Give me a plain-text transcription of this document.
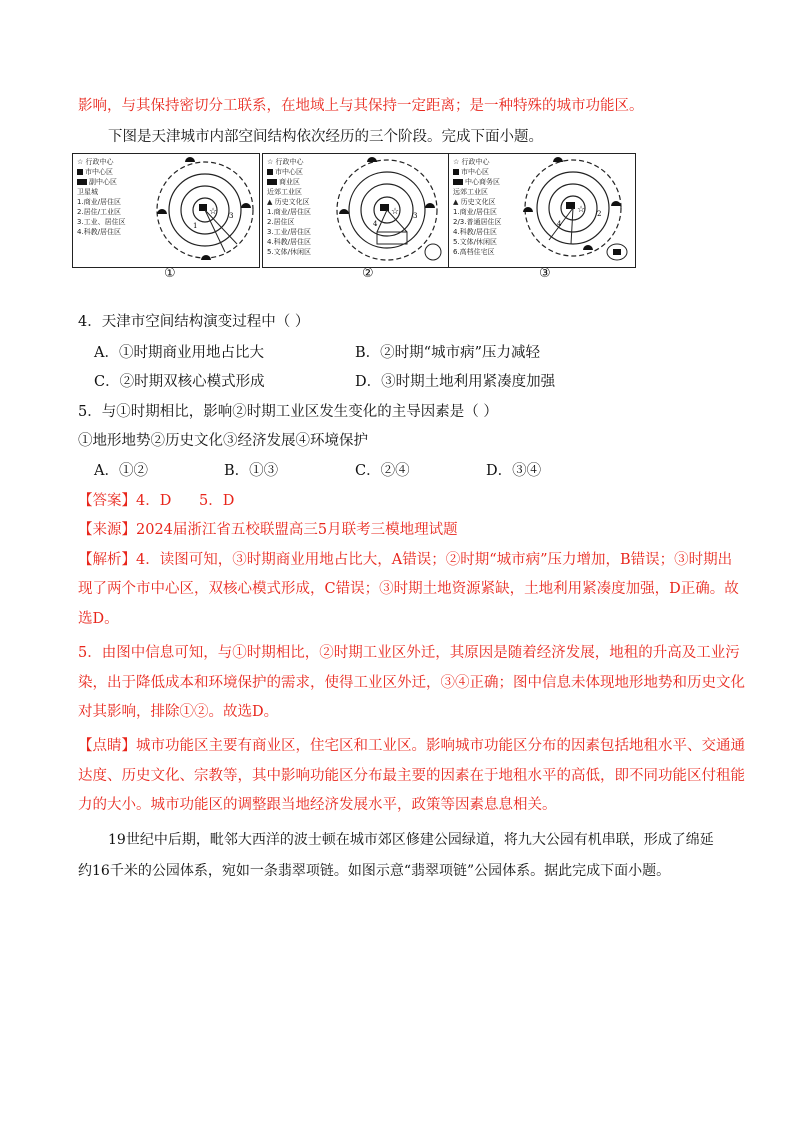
影响，与其保持密切分工联系，在地域上与其保持一定距离；是一种特殊的城市功能区。
下图是天津城市内部空间结构依次经历的三个阶段。完成下面小题。
☆ 行政中心
市中心区
副中心区
卫星城
1.商业/居住区
2.居住/工业区
3.工业、居住区
4.科教/居住区
☆
1
3
☆ 行政中心
市中心区
商业区
近郊工业区
▲ 历史文化区
1.商业/居住区
2.居住区
3.工业/居住区
4.科教/居住区
5.文体/休闲区
☆
4
3
☆ 行政中心
市中心区
中心商务区
远郊工业区
▲ 历史文化区
1.商业/居住区
2/3.普通居住区
4.科教/居住区
5.文体/休闲区
6.高档住宅区
☆
4
2
①	②	③
4．天津市空间结构演变过程中（ ）
A．①时期商业用地占比大	B．②时期“城市病”压力减轻
C．②时期双核心模式形成	D．③时期土地利用紧凑度加强
5．与①时期相比，影响②时期工业区发生变化的主导因素是（ ）
①地形地势②历史文化③经济发展④环境保护
A．①②	B．①③	C．②④	D．③④
【答案】4．D      5．D
【来源】2024届浙江省五校联盟高三5月联考三模地理试题
【解析】4．读图可知，③时期商业用地占比大，A错误；②时期“城市病”压力增加，B错误；③时期出
现了两个市中心区，双核心模式形成，C错误；③时期土地资源紧缺，土地利用紧凑度加强，D正确。故
选D。
5．由图中信息可知，与①时期相比，②时期工业区外迁，其原因是随着经济发展，地租的升高及工业污
染，出于降低成本和环境保护的需求，使得工业区外迁，③④正确；图中信息未体现地形地势和历史文化
对其影响，排除①②。故选D。
【点睛】城市功能区主要有商业区，住宅区和工业区。影响城市功能区分布的因素包括地租水平、交通通
达度、历史文化、宗教等，其中影响功能区分布最主要的因素在于地租水平的高低，即不同功能区付租能
力的大小。城市功能区的调整跟当地经济发展水平，政策等因素息息相关。
19世纪中后期，毗邻大西洋的波士顿在城市郊区修建公园绿道，将九大公园有机串联，形成了绵延
约16千米的公园体系，宛如一条翡翠项链。如图示意“翡翠项链”公园体系。据此完成下面小题。
